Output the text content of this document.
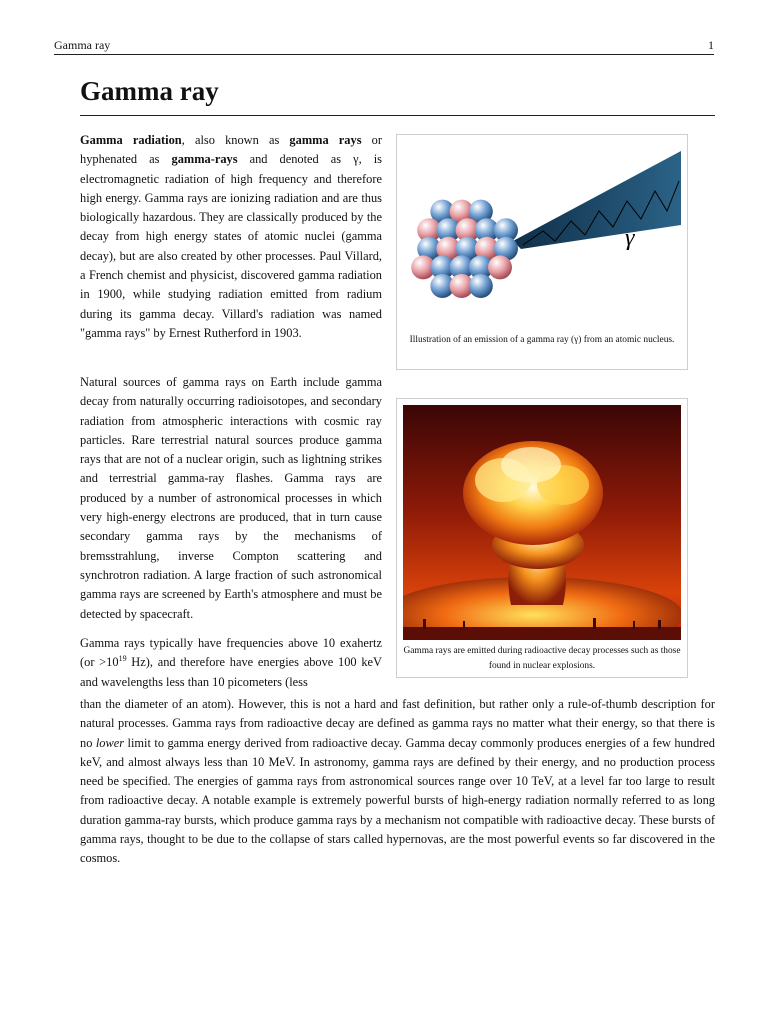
Gamma ray	1
Gamma ray
Gamma radiation, also known as gamma rays or hyphenated as gamma-rays and denoted as γ, is electromagnetic radiation of high frequency and therefore high energy. Gamma rays are ionizing radiation and are thus biologically hazardous. They are classically produced by the decay from high energy states of atomic nuclei (gamma decay), but are also created by other processes. Paul Villard, a French chemist and physicist, discovered gamma radiation in 1900, while studying radiation emitted from radium during its gamma decay. Villard's radiation was named "gamma rays" by Ernest Rutherford in 1903.
Natural sources of gamma rays on Earth include gamma decay from naturally occurring radioisotopes, and secondary radiation from atmospheric interactions with cosmic ray particles. Rare terrestrial natural sources produce gamma rays that are not of a nuclear origin, such as lightning strikes and terrestrial gamma-ray flashes. Gamma rays are produced by a number of astronomical processes in which very high-energy electrons are produced, that in turn cause secondary gamma rays by the mechanisms of bremsstrahlung, inverse Compton scattering and synchrotron radiation. A large fraction of such astronomical gamma rays are screened by Earth's atmosphere and must be detected by spacecraft.
Gamma rays typically have frequencies above 10 exahertz ($or >10^{19}$ Hz), and therefore have energies above 100 keV and wavelengths less than 10 picometers (less
than the diameter of an atom). However, this is not a hard and fast definition, but rather only a rule-of-thumb description for natural processes. Gamma rays from radioactive decay are defined as gamma rays no matter what their energy, so that there is no lower limit to gamma energy derived from radioactive decay. Gamma decay commonly produces energies of a few hundred keV, and almost always less than 10 MeV. In astronomy, gamma rays are defined by their energy, and no production process need be specified. The energies of gamma rays from astronomical sources range over 10 TeV, at a level far too large to result from radioactive decay. A notable example is extremely powerful bursts of high-energy radiation normally referred to as long duration gamma-ray bursts, which produce gamma rays by a mechanism not compatible with radioactive decay. These bursts of gamma rays, thought to be due to the collapse of stars called hypernovas, are the most powerful events so far discovered in the cosmos.
γ
Illustration of an emission of a gamma ray (γ) from an atomic nucleus.
Gamma rays are emitted during radioactive decay processes such as those found in nuclear explosions.
